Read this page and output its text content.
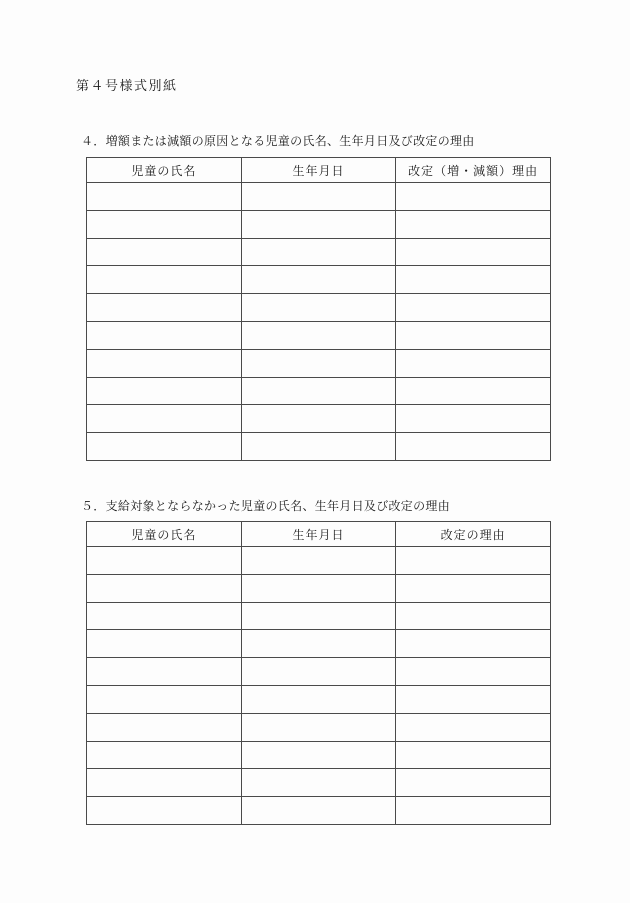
第４号様式別紙
４．増額または減額の原因となる児童の氏名、生年月日及び改定の理由
児童の氏名	生年月日	改定（増・減額）理由

５．支給対象とならなかった児童の氏名、生年月日及び改定の理由
児童の氏名	生年月日	改定の理由
